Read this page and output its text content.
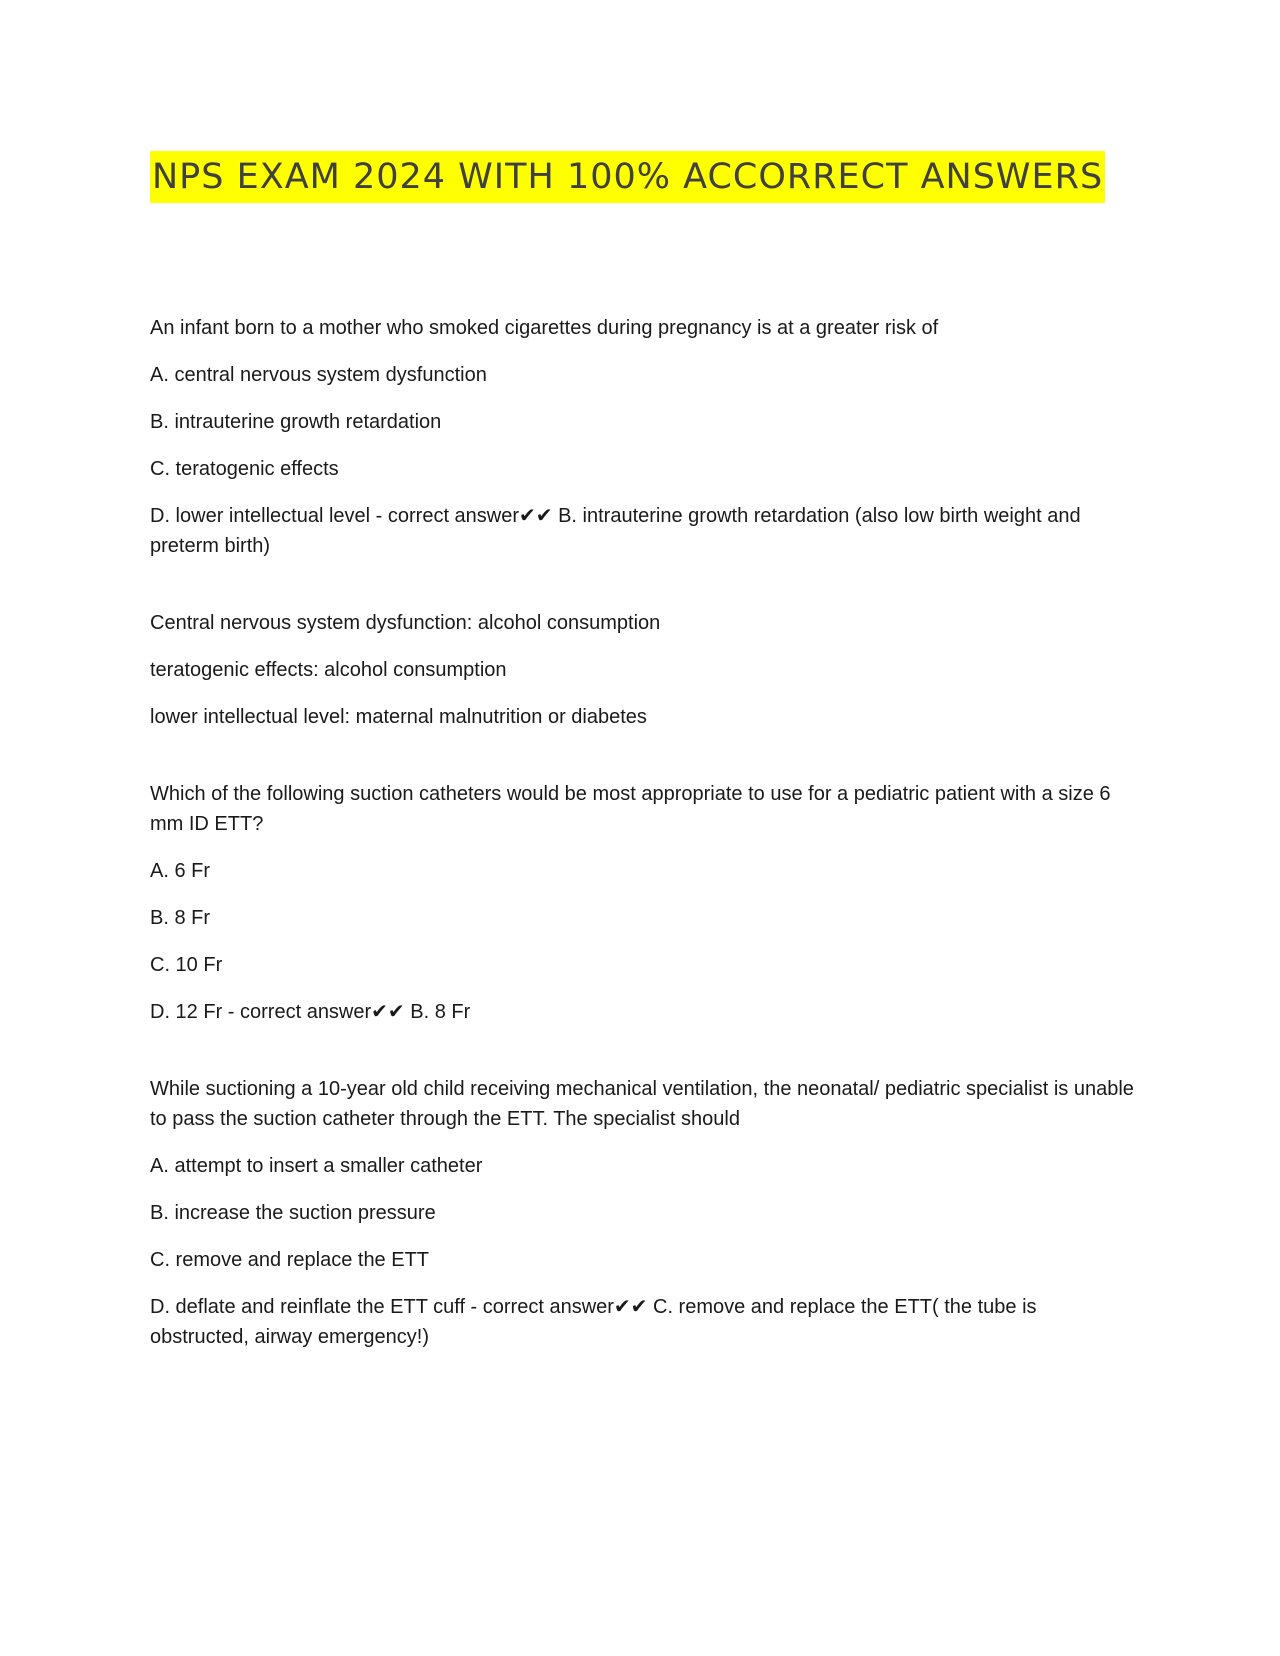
NPS EXAM 2024 WITH 100% ACCORRECT ANSWERS
An infant born to a mother who smoked cigarettes during pregnancy is at a greater risk of
A. central nervous system dysfunction
B. intrauterine growth retardation
C. teratogenic effects
D. lower intellectual level - correct answer✔✔ B. intrauterine growth retardation (also low birth weight and preterm birth)
Central nervous system dysfunction: alcohol consumption
teratogenic effects: alcohol consumption
lower intellectual level: maternal malnutrition or diabetes
Which of the following suction catheters would be most appropriate to use for a pediatric patient with a size 6 mm ID ETT?
A. 6 Fr
B. 8 Fr
C. 10 Fr
D. 12 Fr - correct answer✔✔ B. 8 Fr
While suctioning a 10-year old child receiving mechanical ventilation, the neonatal/ pediatric specialist is unable to pass the suction catheter through the ETT. The specialist should
A. attempt to insert a smaller catheter
B. increase the suction pressure
C. remove and replace the ETT
D. deflate and reinflate the ETT cuff - correct answer✔✔ C. remove and replace the ETT( the tube is obstructed, airway emergency!)
